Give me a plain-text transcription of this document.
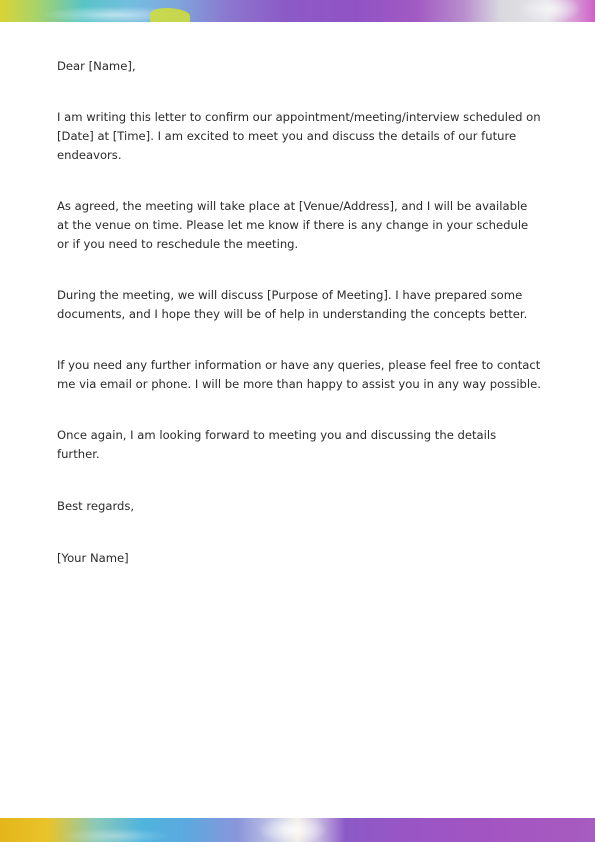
Dear [Name],

I am writing this letter to confirm our appointment/meeting/interview scheduled on [Date] at [Time]. I am excited to meet you and discuss the details of our future endeavors.

As agreed, the meeting will take place at [Venue/Address], and I will be available at the venue on time. Please let me know if there is any change in your schedule or if you need to reschedule the meeting.

During the meeting, we will discuss [Purpose of Meeting]. I have prepared some documents, and I hope they will be of help in understanding the concepts better.

If you need any further information or have any queries, please feel free to contact me via email or phone. I will be more than happy to assist you in any way possible.

Once again, I am looking forward to meeting you and discussing the details further.

Best regards,

[Your Name]
